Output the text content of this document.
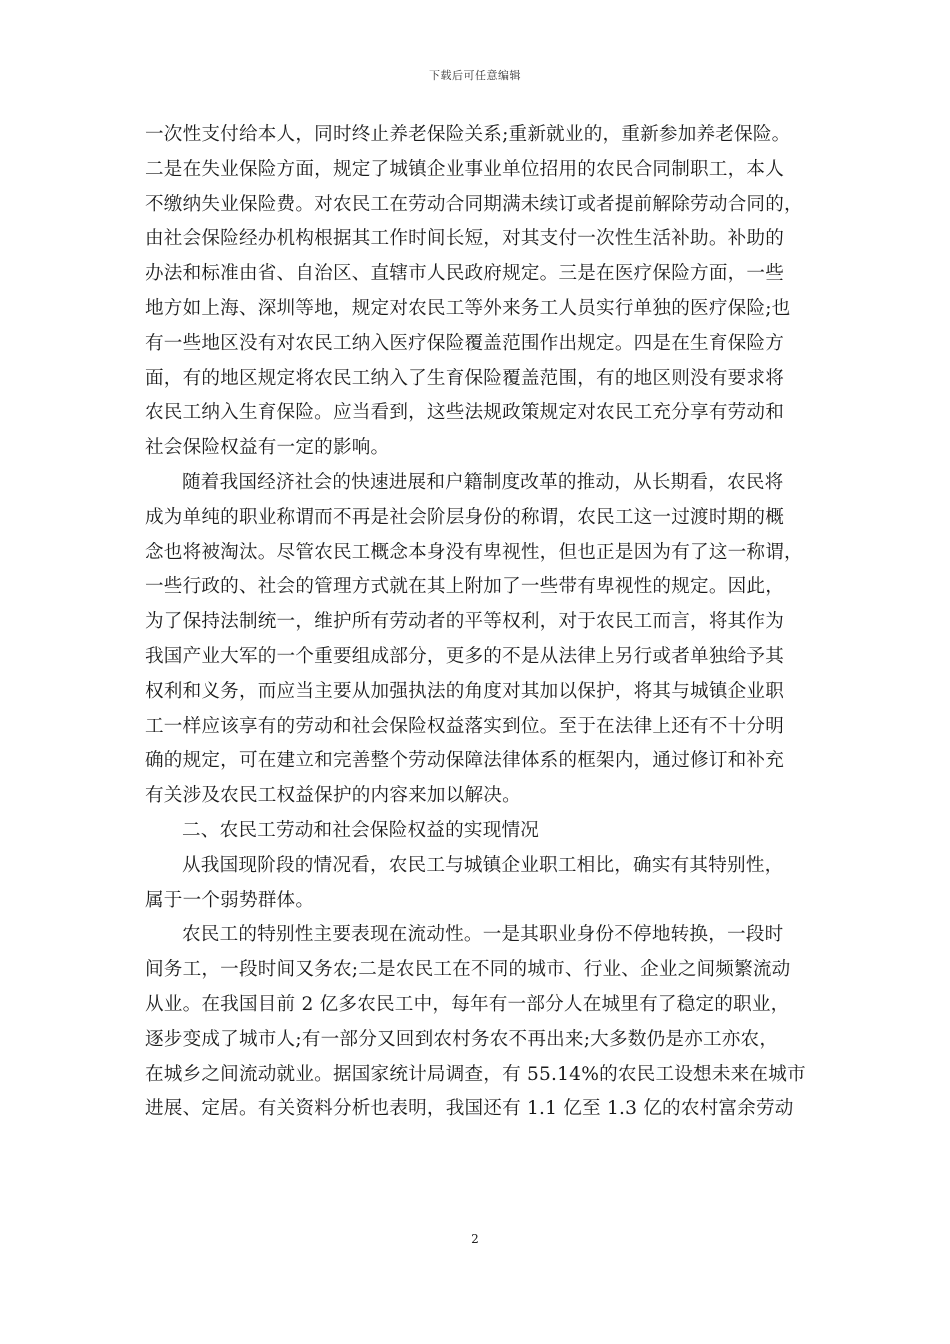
下载后可任意编辑
一次性支付给本人，同时终止养老保险关系;重新就业的，重新参加养老保险。
二是在失业保险方面，规定了城镇企业事业单位招用的农民合同制职工，本人
不缴纳失业保险费。对农民工在劳动合同期满未续订或者提前解除劳动合同的，
由社会保险经办机构根据其工作时间长短，对其支付一次性生活补助。补助的
办法和标准由省、自治区、直辖市人民政府规定。三是在医疗保险方面，一些
地方如上海、深圳等地，规定对农民工等外来务工人员实行单独的医疗保险;也
有一些地区没有对农民工纳入医疗保险覆盖范围作出规定。四是在生育保险方
面，有的地区规定将农民工纳入了生育保险覆盖范围，有的地区则没有要求将
农民工纳入生育保险。应当看到，这些法规政策规定对农民工充分享有劳动和
社会保险权益有一定的影响。
随着我国经济社会的快速进展和户籍制度改革的推动，从长期看，农民将
成为单纯的职业称谓而不再是社会阶层身份的称谓，农民工这一过渡时期的概
念也将被淘汰。尽管农民工概念本身没有卑视性，但也正是因为有了这一称谓，
一些行政的、社会的管理方式就在其上附加了一些带有卑视性的规定。因此，
为了保持法制统一，维护所有劳动者的平等权利，对于农民工而言，将其作为
我国产业大军的一个重要组成部分，更多的不是从法律上另行或者单独给予其
权利和义务，而应当主要从加强执法的角度对其加以保护，将其与城镇企业职
工一样应该享有的劳动和社会保险权益落实到位。至于在法律上还有不十分明
确的规定，可在建立和完善整个劳动保障法律体系的框架内，通过修订和补充
有关涉及农民工权益保护的内容来加以解决。
二、农民工劳动和社会保险权益的实现情况
从我国现阶段的情况看，农民工与城镇企业职工相比，确实有其特别性，
属于一个弱势群体。
农民工的特别性主要表现在流动性。一是其职业身份不停地转换，一段时
间务工，一段时间又务农;二是农民工在不同的城市、行业、企业之间频繁流动
从业。在我国目前 2 亿多农民工中，每年有一部分人在城里有了稳定的职业，
逐步变成了城市人;有一部分又回到农村务农不再出来;大多数仍是亦工亦农，
在城乡之间流动就业。据国家统计局调查，有 55.14%的农民工设想未来在城市
进展、定居。有关资料分析也表明，我国还有 1.1 亿至 1.3 亿的农村富余劳动
2
